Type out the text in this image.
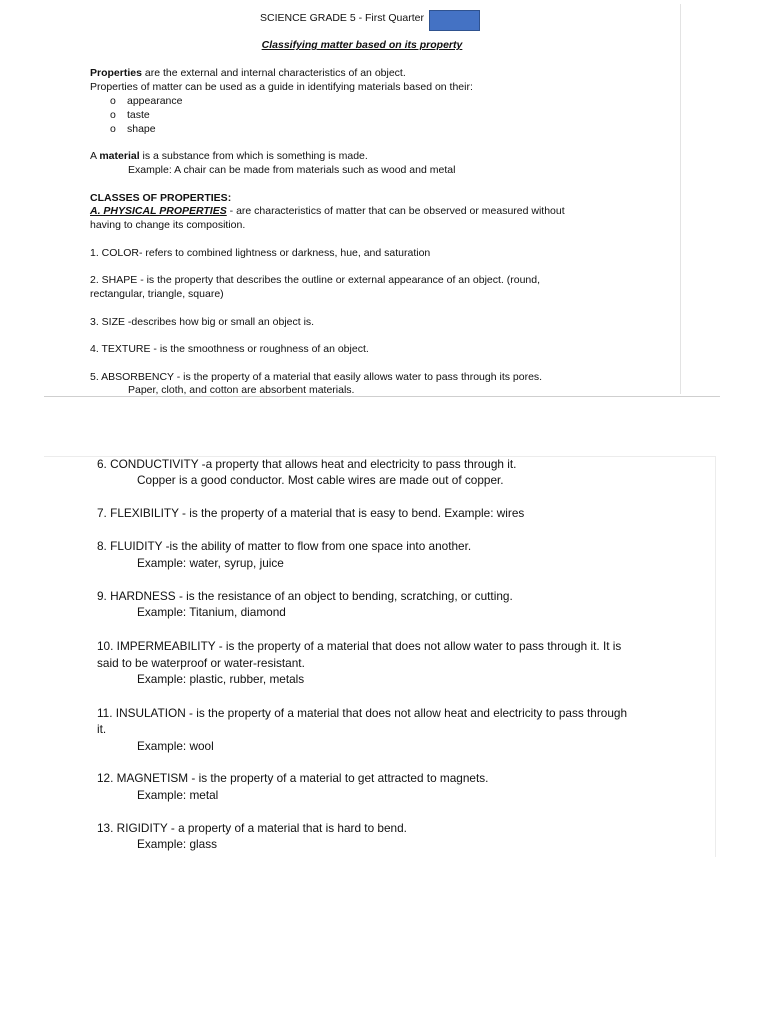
SCIENCE GRADE 5 - First Quarter
Classifying matter based on its property
Properties are the external and internal characteristics of an object.
Properties of matter can be used as a guide in identifying materials based on their:
o appearance
o taste
o shape
A material is a substance from which is something is made.
Example: A chair can be made from materials such as wood and metal
CLASSES OF PROPERTIES:
A. PHYSICAL PROPERTIES - are characteristics of matter that can be observed or measured without
having to change its composition.
1. COLOR- refers to combined lightness or darkness, hue, and saturation
2. SHAPE - is the property that describes the outline or external appearance of an object. (round,
rectangular, triangle, square)
3. SIZE -describes how big or small an object is.
4. TEXTURE - is the smoothness or roughness of an object.
5. ABSORBENCY - is the property of a material that easily allows water to pass through its pores.
Paper, cloth, and cotton are absorbent materials.
6. CONDUCTIVITY -a property that allows heat and electricity to pass through it.
Copper is a good conductor. Most cable wires are made out of copper.
7. FLEXIBILITY - is the property of a material that is easy to bend. Example: wires
8. FLUIDITY -is the ability of matter to flow from one space into another.
Example: water, syrup, juice
9. HARDNESS - is the resistance of an object to bending, scratching, or cutting.
Example: Titanium, diamond
10. IMPERMEABILITY - is the property of a material that does not allow water to pass through it. It is
said to be waterproof or water-resistant.
Example: plastic, rubber, metals
11. INSULATION - is the property of a material that does not allow heat and electricity to pass through
it.
Example: wool
12. MAGNETISM - is the property of a material to get attracted to magnets.
Example: metal
13. RIGIDITY - a property of a material that is hard to bend.
Example: glass
